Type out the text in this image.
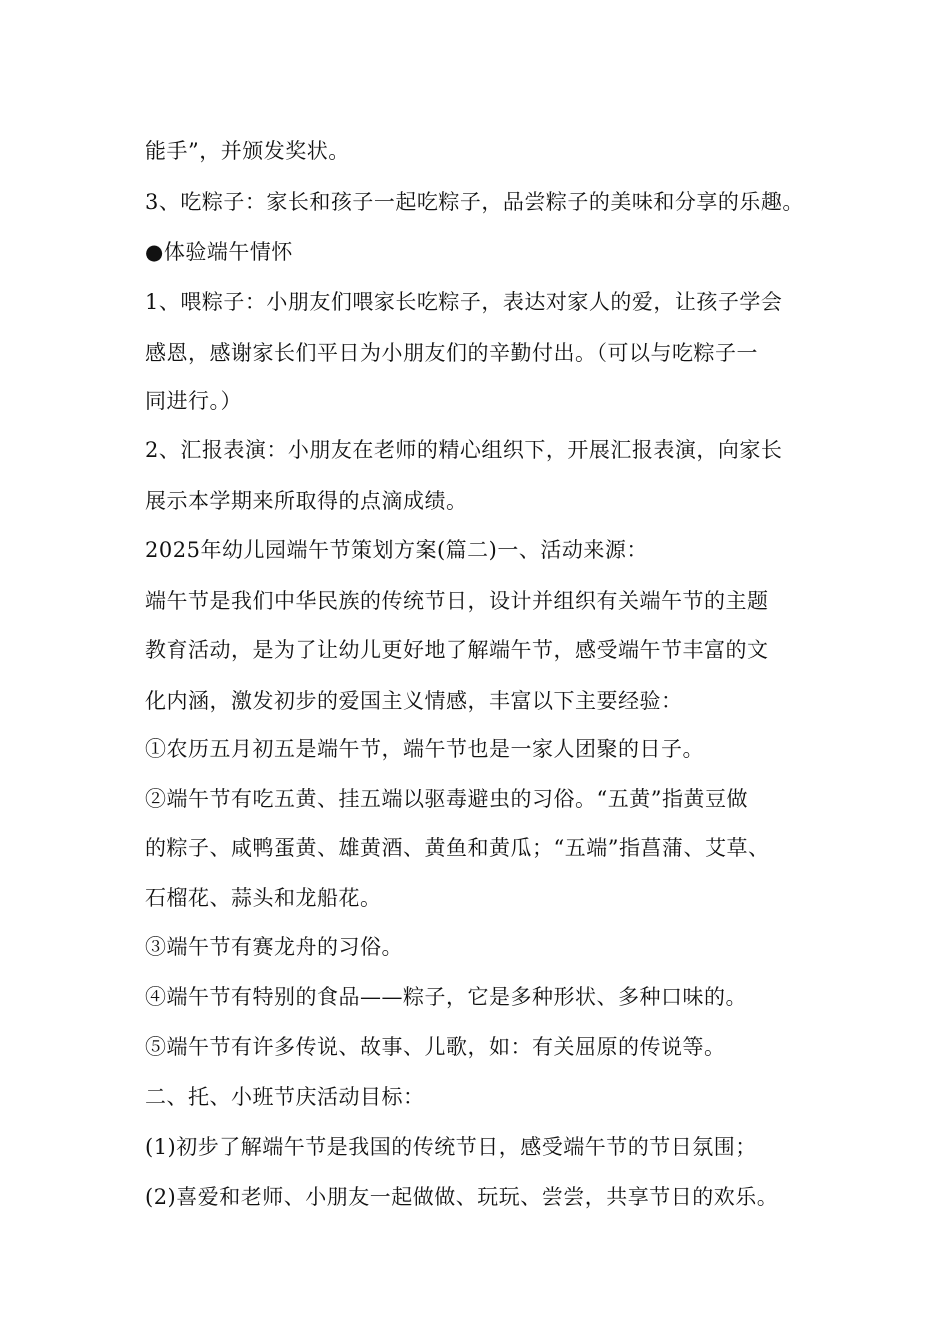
能手”，并颁发奖状。
3、吃粽子：家长和孩子一起吃粽子，品尝粽子的美味和分享的乐趣。
●体验端午情怀
1、喂粽子：小朋友们喂家长吃粽子，表达对家人的爱，让孩子学会
感恩，感谢家长们平日为小朋友们的辛勤付出。（可以与吃粽子一
同进行。）
2、汇报表演：小朋友在老师的精心组织下，开展汇报表演，向家长
展示本学期来所取得的点滴成绩。
2025年幼儿园端午节策划方案(篇二)一、活动来源：
端午节是我们中华民族的传统节日，设计并组织有关端午节的主题
教育活动，是为了让幼儿更好地了解端午节，感受端午节丰富的文
化内涵，激发初步的爱国主义情感，丰富以下主要经验：
①农历五月初五是端午节，端午节也是一家人团聚的日子。
②端午节有吃五黄、挂五端以驱毒避虫的习俗。“五黄”指黄豆做
的粽子、咸鸭蛋黄、雄黄酒、黄鱼和黄瓜；“五端”指菖蒲、艾草、
石榴花、蒜头和龙船花。
③端午节有赛龙舟的习俗。
④端午节有特别的食品——粽子，它是多种形状、多种口味的。
⑤端午节有许多传说、故事、儿歌，如：有关屈原的传说等。
二、托、小班节庆活动目标：
(1)初步了解端午节是我国的传统节日，感受端午节的节日氛围；
(2)喜爱和老师、小朋友一起做做、玩玩、尝尝，共享节日的欢乐。
